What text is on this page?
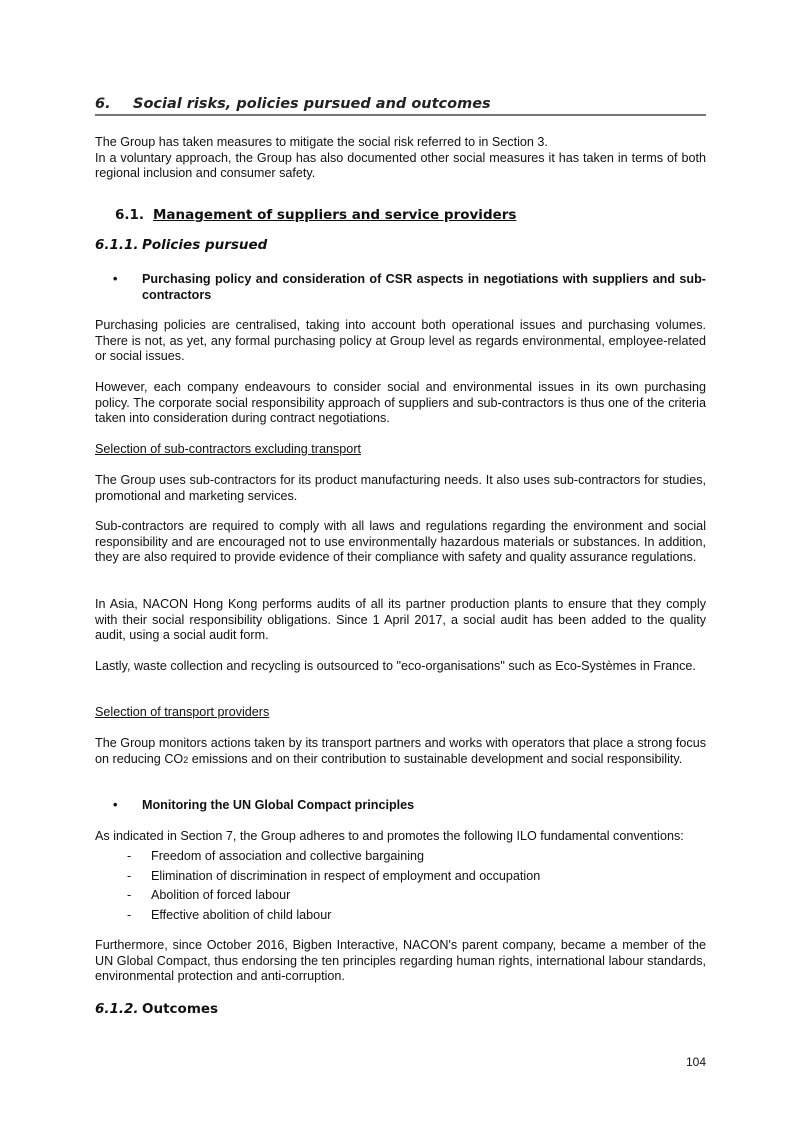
6. Social risks, policies pursued and outcomes

The Group has taken measures to mitigate the social risk referred to in Section 3.

In a voluntary approach, the Group has also documented other social measures it has taken in terms of both regional inclusion and consumer safety.

6.1. Management of suppliers and service providers
6.1.1. Policies pursued
• Purchasing policy and consideration of CSR aspects in negotiations with suppliers and sub-contractors

Purchasing policies are centralised, taking into account both operational issues and purchasing volumes. There is not, as yet, any formal purchasing policy at Group level as regards environmental, employee-related or social issues.

However, each company endeavours to consider social and environmental issues in its own purchasing policy. The corporate social responsibility approach of suppliers and sub-contractors is thus one of the criteria taken into consideration during contract negotiations.

Selection of sub-contractors excluding transport

The Group uses sub-contractors for its product manufacturing needs. It also uses sub-contractors for studies, promotional and marketing services.

Sub-contractors are required to comply with all laws and regulations regarding the environment and social responsibility and are encouraged not to use environmentally hazardous materials or substances. In addition, they are also required to provide evidence of their compliance with safety and quality assurance regulations.

In Asia, NACON Hong Kong performs audits of all its partner production plants to ensure that they comply with their social responsibility obligations. Since 1 April 2017, a social audit has been added to the quality audit, using a social audit form.

Lastly, waste collection and recycling is outsourced to "eco-organisations" such as Eco-Systèmes in France.

Selection of transport providers

The Group monitors actions taken by its transport partners and works with operators that place a strong focus on reducing CO2 emissions and on their contribution to sustainable development and social responsibility.

• Monitoring the UN Global Compact principles

As indicated in Section 7, the Group adheres to and promotes the following ILO fundamental conventions:

- Freedom of association and collective bargaining
- Elimination of discrimination in respect of employment and occupation
- Abolition of forced labour
- Effective abolition of child labour

Furthermore, since October 2016, Bigben Interactive, NACON's parent company, became a member of the UN Global Compact, thus endorsing the ten principles regarding human rights, international labour standards, environmental protection and anti-corruption.

6.1.2. Outcomes
104
